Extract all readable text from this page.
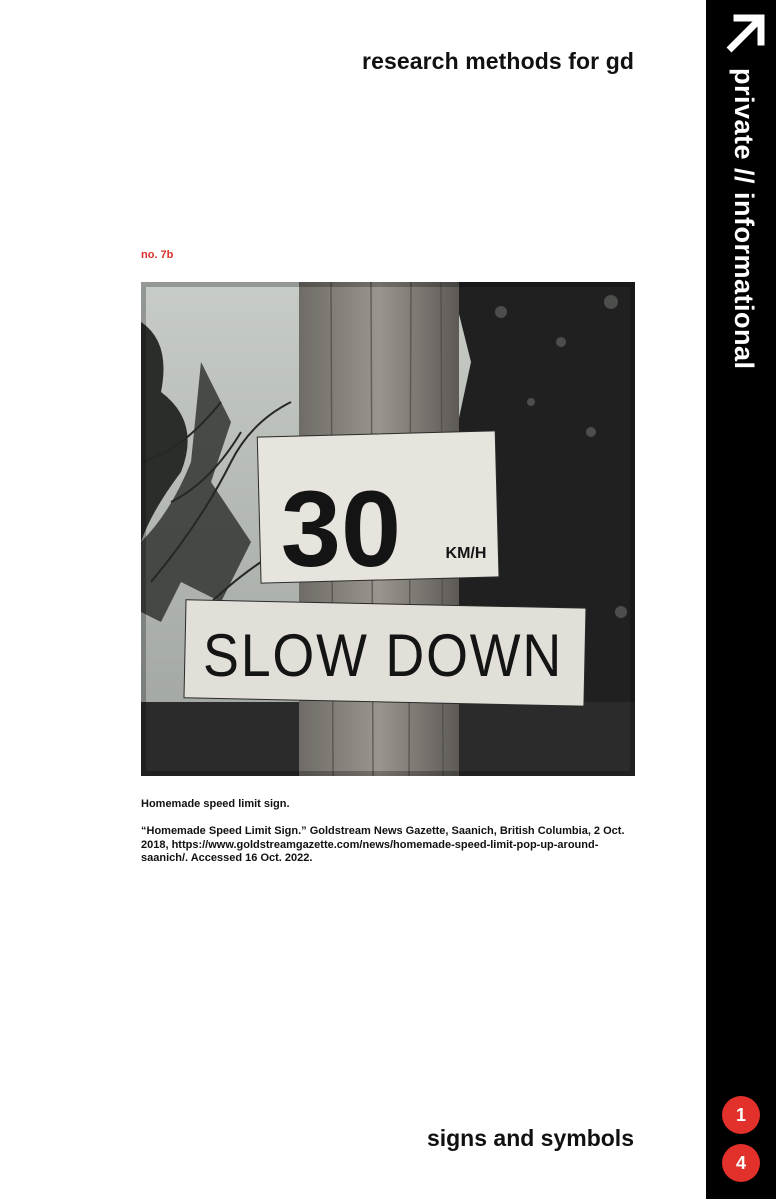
research methods for gd
no. 7b
30	KM/H
SLOW DOWN
Homemade speed limit sign.
“Homemade Speed Limit Sign.” Goldstream News Gazette, Saanich, British Columbia, 2 Oct. 2018, https://www.goldstreamgazette.com/news/homemade-speed-limit-pop-up-around-saanich/. Accessed 16 Oct. 2022.
signs and symbols
private // informational
1
4
